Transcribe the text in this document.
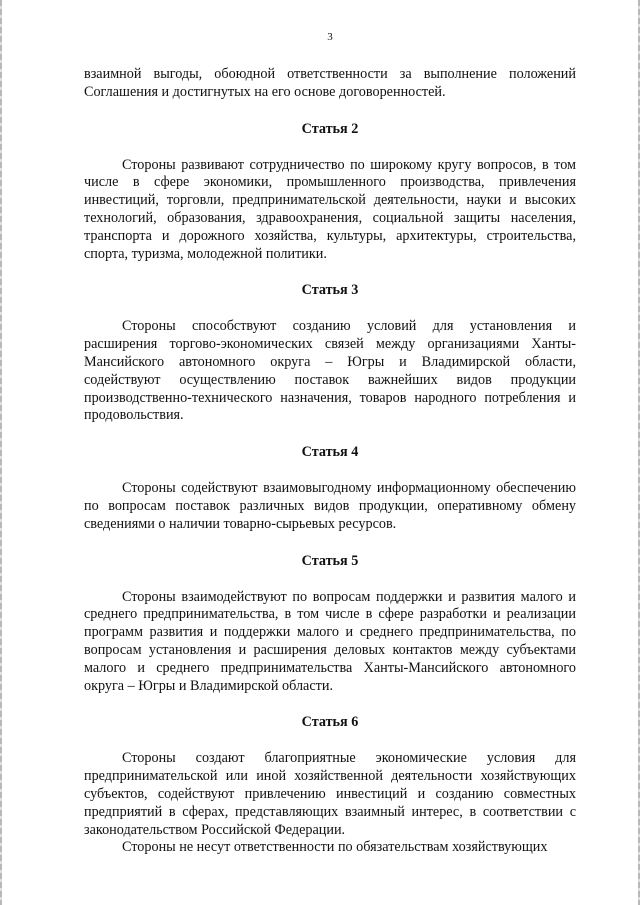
3

взаимной выгоды, обоюдной ответственности за выполнение положений Соглашения и достигнутых на его основе договоренностей.

Статья 2

Стороны развивают сотрудничество по широкому кругу вопросов, в том числе в сфере экономики, промышленного производства, привлечения инвестиций, торговли, предпринимательской деятельности, науки и высоких технологий, образования, здравоохранения, социальной защиты населения, транспорта и дорожного хозяйства, культуры, архитектуры, строительства, спорта, туризма, молодежной политики.

Статья 3

Стороны способствуют созданию условий для установления и расширения торгово-экономических связей между организациями Ханты-Мансийского автономного округа – Югры и Владимирской области, содействуют осуществлению поставок важнейших видов продукции производственно-технического назначения, товаров народного потребления и продовольствия.

Статья 4

Стороны содействуют взаимовыгодному информационному обеспечению по вопросам поставок различных видов продукции, оперативному обмену сведениями о наличии товарно-сырьевых ресурсов.

Статья 5

Стороны взаимодействуют по вопросам поддержки и развития малого и среднего предпринимательства, в том числе в сфере разработки и реализации программ развития и поддержки малого и среднего предпринимательства, по вопросам установления и расширения деловых контактов между субъектами малого и среднего предпринимательства Ханты-Мансийского автономного округа – Югры и Владимирской области.

Статья 6

Стороны создают благоприятные экономические условия для предпринимательской или иной хозяйственной деятельности хозяйствующих субъектов, содействуют привлечению инвестиций и созданию совместных предприятий в сферах, представляющих взаимный интерес, в соответствии с законодательством Российской Федерации.

Стороны не несут ответственности по обязательствам хозяйствующих
